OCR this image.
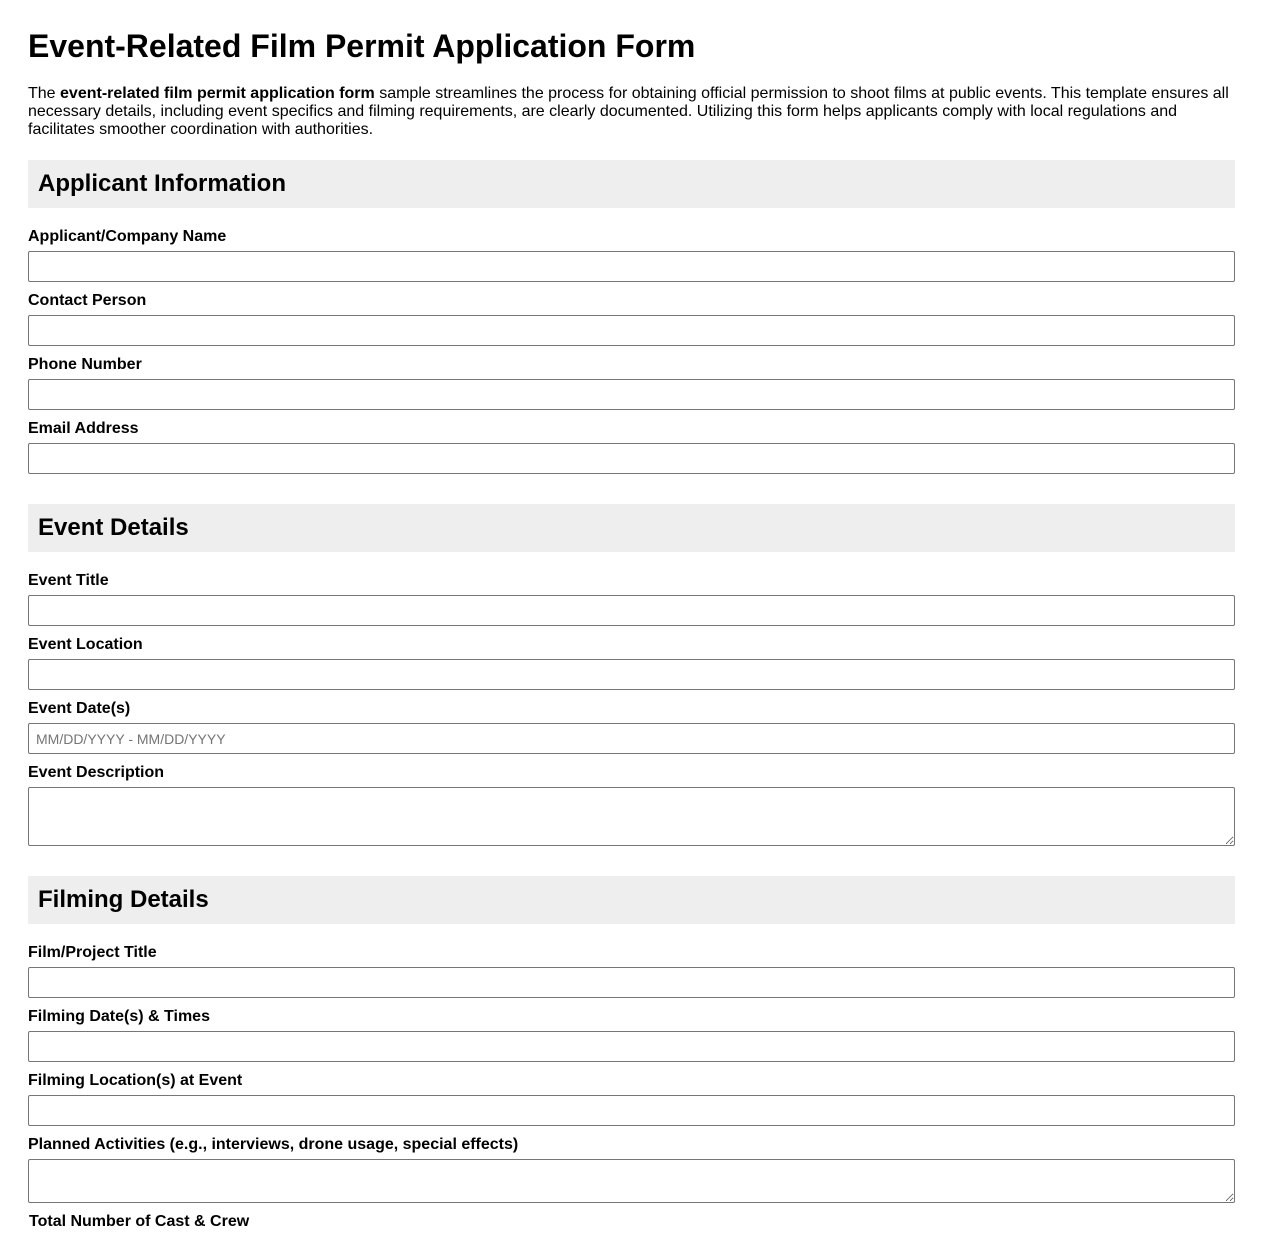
Event-Related Film Permit Application Form

The event-related film permit application form sample streamlines the process for obtaining official permission to shoot films at public events. This template ensures all necessary details, including event specifics and filming requirements, are clearly documented. Utilizing this form helps applicants comply with local regulations and facilitates smoother coordination with authorities.

Applicant Information
Applicant/Company Name
Contact Person
Phone Number
Email Address
Event Details
Event Title
Event Location
Event Date(s)
MM/DD/YYYY - MM/DD/YYYY
Event Description
Filming Details
Film/Project Title
Filming Date(s) & Times
Filming Location(s) at Event
Planned Activities (e.g., interviews, drone usage, special effects)
Total Number of Cast & Crew
